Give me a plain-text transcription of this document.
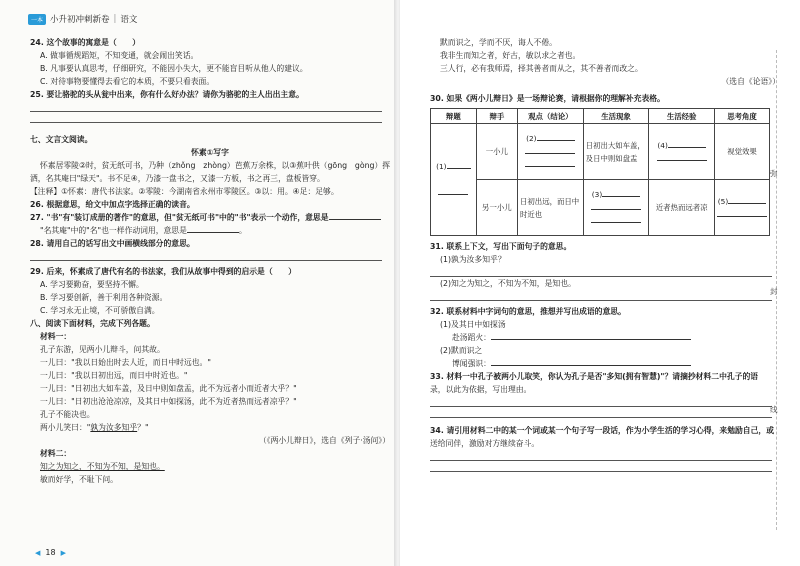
一本 小升初冲刺新卷 | 语文
24. 这个故事的寓意是（　　）
A. 做事循规蹈矩，不知变通，就会闹出笑话。
B. 凡事要认真思考，仔细研究，不能因小失大，更不能盲目听从他人的建议。
C. 对待事物要懂得去看它的本质，不要只看表面。
25. 要让骆驼的头从瓮中出来，你有什么好办法？请你为骆驼的主人出出主意。
七、文言文阅读。
怀素①写字
怀素居零陵②时，贫无纸可书，乃种（zhǒng　zhòng）芭蕉万余株，以③蕉叶供（gōng　gòng）挥
洒，名其庵曰"绿天"。书不足④，乃漆一盘书之，又漆一方板，书之再三，盘板皆穿。
【注释】①怀素：唐代书法家。②零陵：今湖南省永州市零陵区。③以：用。④足：足够。
26. 根据意思，给文中加点字选择正确的读音。
27. "书"有"装订成册的著作"的意思，但"贫无纸可书"中的"书"表示一个动作，意思是
"名其庵"中的"名"也一样作动词用，意思是	。
28. 请用自己的话写出文中画横线部分的意思。
29. 后来，怀素成了唐代有名的书法家，我们从故事中得到的启示是（　　）
A. 学习要勤奋，要坚持不懈。
B. 学习要创新，善于利用各种资源。
C. 学习永无止境，不可骄傲自满。
八、阅读下面材料，完成下列各题。
材料一：
孔子东游，见两小儿辩斗，问其故。
一儿曰："我以日始出时去人近，而日中时远也。"
一儿曰："我以日初出远，而日中时近也。"
一儿曰："日初出大如车盖，及日中则如盘盂，此不为远者小而近者大乎？"
一儿曰："日初出沧沧凉凉，及其日中如探汤，此不为近者热而远者凉乎？"
孔子不能决也。
两小儿笑曰："孰为汝多知乎？"
（《两小儿辩日》，选自《列子·汤问》）
材料二：
知之为知之，不知为不知，是知也。
敏而好学，不耻下问。
◀ 18 ▶
默而识之，学而不厌，诲人不倦。
我非生而知之者，好古，敏以求之者也。
三人行，必有我师焉，择其善者而从之，其不善者而改之。
（选自《论语》）
30. 如果《两小儿辩日》是一场辩论赛，请根据你的理解补充表格。
辩题	辩手	观点（结论）	生活现象	生活经验	思考角度
(1)	一小儿	(2)	日初出大如车盖，及日中则如盘盂	(4)	视觉效果
	另一小儿	日初出远，而日中时近也	(3)	近者热而远者凉	(5)

31. 联系上下文，写出下面句子的意思。
(1)孰为汝多知乎？
(2)知之为知之，不知为不知，是知也。
32. 联系材料中字词句的意思，推想并写出成语的意思。
(1)及其日中如探汤
赴汤蹈火：
(2)默而识之
博闻强识：
33. 材料一中孔子被两小儿取笑，你认为孔子是否"多知(拥有智慧)"？请摘抄材料二中孔子的语
录，以此为依据，写出理由。
34. 请引用材料二中的某一个词或某一个句子写一段话，作为小学生活的学习心得，来勉励自己，或
送给同伴，激励对方继续奋斗。
弥
封
线
